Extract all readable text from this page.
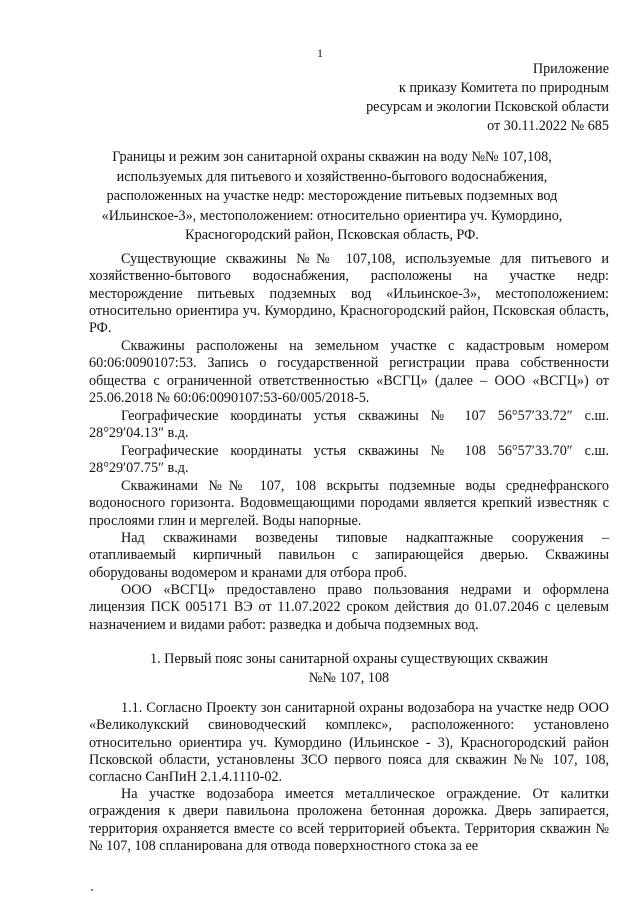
1
Приложение
к приказу Комитета по природным
ресурсам и экологии Псковской области
от 30.11.2022 № 685
Границы и режим зон санитарной охраны скважин на воду №№ 107,108, используемых для питьевого и хозяйственно-бытового водоснабжения, расположенных на участке недр: месторождение питьевых подземных вод «Ильинское-3», местоположением: относительно ориентира уч. Кумордино, Красногородский район, Псковская область, РФ.

Существующие скважины №№ 107,108, используемые для питьевого и хозяйственно-бытового водоснабжения, расположены на участке недр: месторождение питьевых подземных вод «Ильинское-3», местоположением: относительно ориентира уч. Кумордино, Красногородский район, Псковская область, РФ.

Скважины расположены на земельном участке с кадастровым номером 60:06:0090107:53. Запись о государственной регистрации права собственности общества с ограниченной ответственностью «ВСГЦ» (далее – ООО «ВСГЦ») от 25.06.2018 № 60:06:0090107:53-60/005/2018-5.

Географические координаты устья скважины № 107 56°57′33.72″ с.ш. 28°29′04.13″ в.д.

Географические координаты устья скважины № 108 56°57′33.70″ с.ш. 28°29′07.75″ в.д.

Скважинами №№ 107, 108 вскрыты подземные воды среднефранского водоносного горизонта. Водовмещающими породами является крепкий известняк с прослоями глин и мергелей. Воды напорные.

Над скважинами возведены типовые надкаптажные сооружения – отапливаемый кирпичный павильон с запирающейся дверью. Скважины оборудованы водомером и кранами для отбора проб.

ООО «ВСГЦ» предоставлено право пользования недрами и оформлена лицензия ПСК 005171 ВЭ от 11.07.2022 сроком действия до 01.07.2046 с целевым назначением и видами работ: разведка и добыча подземных вод.

1. Первый пояс зоны санитарной охраны существующих скважин
№№ 107, 108

1.1. Согласно Проекту зон санитарной охраны водозабора на участке недр ООО «Великолукский свиноводческий комплекс», расположенного: установлено относительно ориентира уч. Кумордино (Ильинское - 3), Красногородский район Псковской области, установлены ЗСО первого пояса для скважин №№ 107, 108, согласно СанПиН 2.1.4.1110-02.

На участке водозабора имеется металлическое ограждение. От калитки ограждения к двери павильона проложена бетонная дорожка. Дверь запирается, территория охраняется вместе со всей территорией объекта. Территория скважин №№ 107, 108 спланирована для отвода поверхностного стока за ее
